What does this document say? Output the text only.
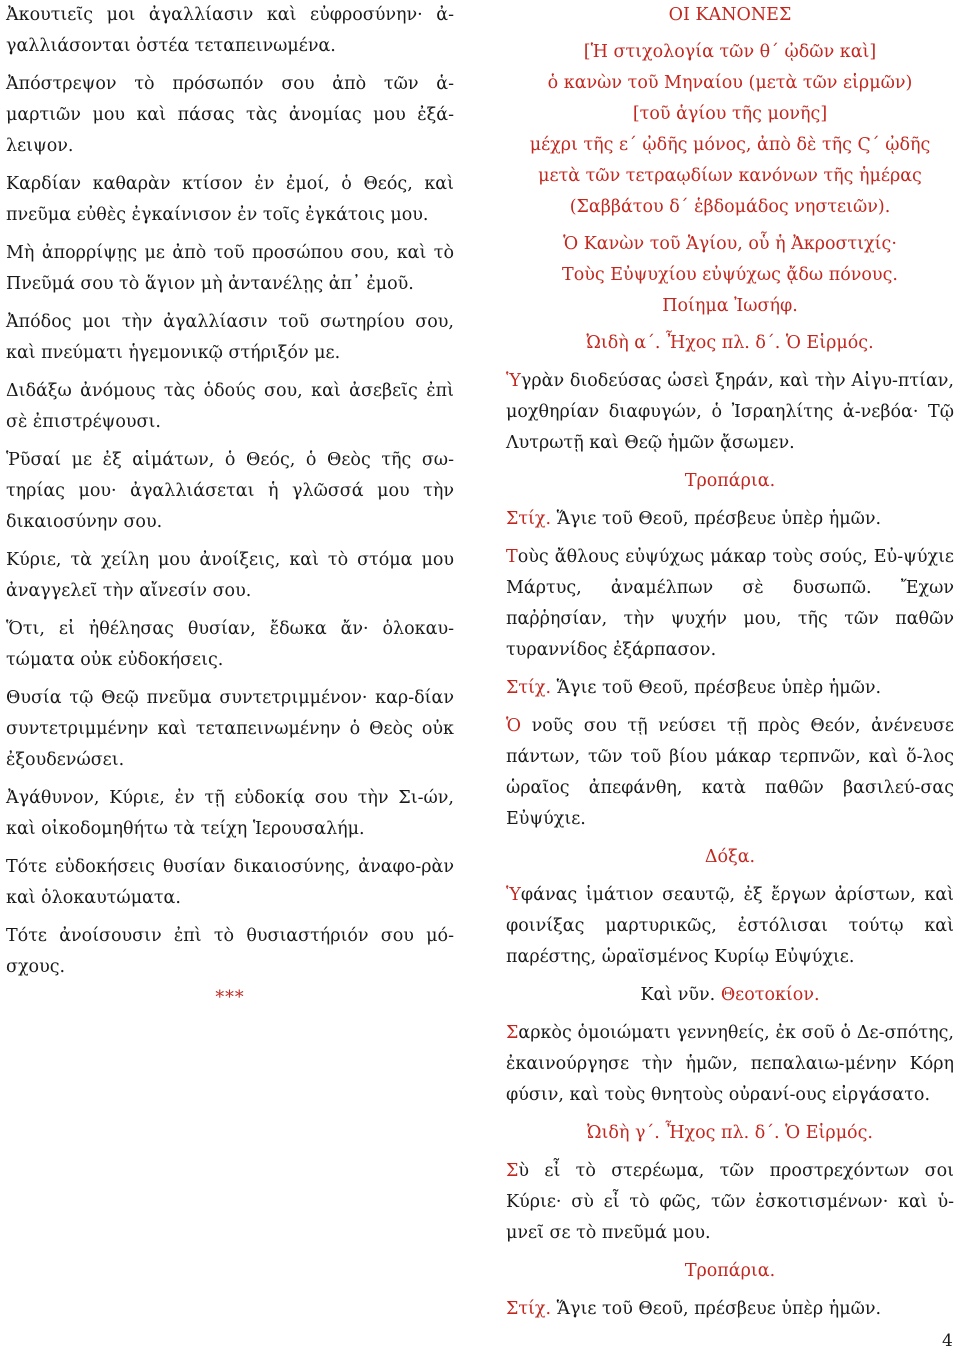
Ἀκουτιεῖς μοι ἀγαλλίασιν καὶ εὐφροσύνην· ἀ-γαλλιάσονται ὀστέα τεταπεινωμένα.

Ἀπόστρεψον τὸ πρόσωπόν σου ἀπὸ τῶν ἁ-μαρτιῶν μου καὶ πάσας τὰς ἀνομίας μου ἐξά-λειψον.

Καρδίαν καθαρὰν κτίσον ἐν ἐμοί, ὁ Θεός, καὶ πνεῦμα εὐθὲς ἐγκαίνισον ἐν τοῖς ἐγκάτοις μου.

Μὴ ἀπορρίψῃς με ἀπὸ τοῦ προσώπου σου, καὶ τὸ Πνεῦμά σου τὸ ἅγιον μὴ ἀντανέλῃς ἀπ᾿ ἐμοῦ.

Ἀπόδος μοι τὴν ἀγαλλίασιν τοῦ σωτηρίου σου, καὶ πνεύματι ἡγεμονικῷ στήριξόν με.

Διδάξω ἀνόμους τὰς ὁδούς σου, καὶ ἀσεβεῖς ἐπὶ σὲ ἐπιστρέψουσι.

Ῥῦσαί με ἐξ αἱμάτων, ὁ Θεός, ὁ Θεὸς τῆς σω-τηρίας μου· ἀγαλλιάσεται ἡ γλῶσσά μου τὴν δικαιοσύνην σου.

Κύριε, τὰ χείλη μου ἀνοίξεις, καὶ τὸ στόμα μου ἀναγγελεῖ τὴν αἴνεσίν σου.

Ὅτι, εἰ ἠθέλησας θυσίαν, ἔδωκα ἄν· ὁλοκαυ-τώματα οὐκ εὐδοκήσεις.

Θυσία τῷ Θεῷ πνεῦμα συντετριμμένον· καρ-δίαν συντετριμμένην καὶ τεταπεινωμένην ὁ Θεὸς οὐκ ἐξουδενώσει.

Ἀγάθυνον, Κύριε, ἐν τῇ εὐδοκίᾳ σου τὴν Σι-ών, καὶ οἰκοδομηθήτω τὰ τείχη Ἱερουσαλήμ.

Τότε εὐδοκήσεις θυσίαν δικαιοσύνης, ἀναφο-ρὰν καὶ ὁλοκαυτώματα.

Τότε ἀνοίσουσιν ἐπὶ τὸ θυσιαστήριόν σου μό-σχους.

***
ΟΙ ΚΑΝΟΝΕΣ
[Ἡ στιχολογία τῶν θ΄ ᾠδῶν καὶ]
ὁ κανὼν τοῦ Μηναίου (μετὰ τῶν εἱρμῶν)
[τοῦ ἁγίου τῆς μονῆς]
μέχρι τῆς ε΄ ᾠδῆς μόνος, ἀπὸ δὲ τῆς Ϛ΄ ᾠδῆς
μετὰ τῶν τετραῳδίων κανόνων τῆς ἡμέρας
(Σαββάτου δ΄ ἑβδομάδος νηστειῶν).
Ὁ Κανὼν τοῦ Ἁγίου, οὗ ἡ Ἀκροστιχίς·
Τοὺς Εὐψυχίου εὐψύχως ᾄδω πόνους.
Ποίημα Ἰωσήφ.
Ὠιδὴ α΄. Ἦχος πλ. δ΄. Ὁ Εἱρμός.

Ὑγρὰν διοδεύσας ὡσεὶ ξηράν, καὶ τὴν Αἰγυ-πτίαν, μοχθηρίαν διαφυγών, ὁ Ἰσραηλίτης ἀ-νεβόα· Τῷ Λυτρωτῇ καὶ Θεῷ ἡμῶν ᾄσωμεν.

Τροπάρια.

Στίχ. Ἅγιε τοῦ Θεοῦ, πρέσβευε ὑπὲρ ἡμῶν.

Τοὺς ἄθλους εὐψύχως μάκαρ τοὺς σούς, Εὐ-ψύχιε Μάρτυς, ἀναμέλπων σὲ δυσωπῶ. Ἔχων παῤῥησίαν, τὴν ψυχήν μου, τῆς τῶν παθῶν τυραννίδος ἐξάρπασον.

Στίχ. Ἅγιε τοῦ Θεοῦ, πρέσβευε ὑπὲρ ἡμῶν.

Ὁ νοῦς σου τῇ νεύσει τῇ πρὸς Θεόν, ἀνένευσε πάντων, τῶν τοῦ βίου μάκαρ τερπνῶν, καὶ ὅ-λος ὡραῖος ἀπεφάνθη, κατὰ παθῶν βασιλεύ-σας Εὐψύχιε.

Δόξα.

Ὑφάνας ἱμάτιον σεαυτῷ, ἐξ ἔργων ἀρίστων, καὶ φοινίξας μαρτυρικῶς, ἐστόλισαι τούτῳ καὶ παρέστης, ὡραϊσμένος Κυρίῳ Εὐψύχιε.

Καὶ νῦν. Θεοτοκίον.

Σαρκὸς ὁμοιώματι γεννηθείς, ἐκ σοῦ ὁ Δε-σπότης, ἐκαινούργησε τὴν ἡμῶν, πεπαλαιω-μένην Κόρη φύσιν, καὶ τοὺς θνητοὺς οὐρανί-ους εἰργάσατο.

Ὠιδὴ γ΄. Ἦχος πλ. δ΄. Ὁ Εἱρμός.

Σὺ εἶ τὸ στερέωμα, τῶν προστρεχόντων σοι Κύριε· σὺ εἶ τὸ φῶς, τῶν ἐσκοτισμένων· καὶ ὑ-μνεῖ σε τὸ πνεῦμά μου.

Τροπάρια.

Στίχ. Ἅγιε τοῦ Θεοῦ, πρέσβευε ὑπὲρ ἡμῶν.

4
